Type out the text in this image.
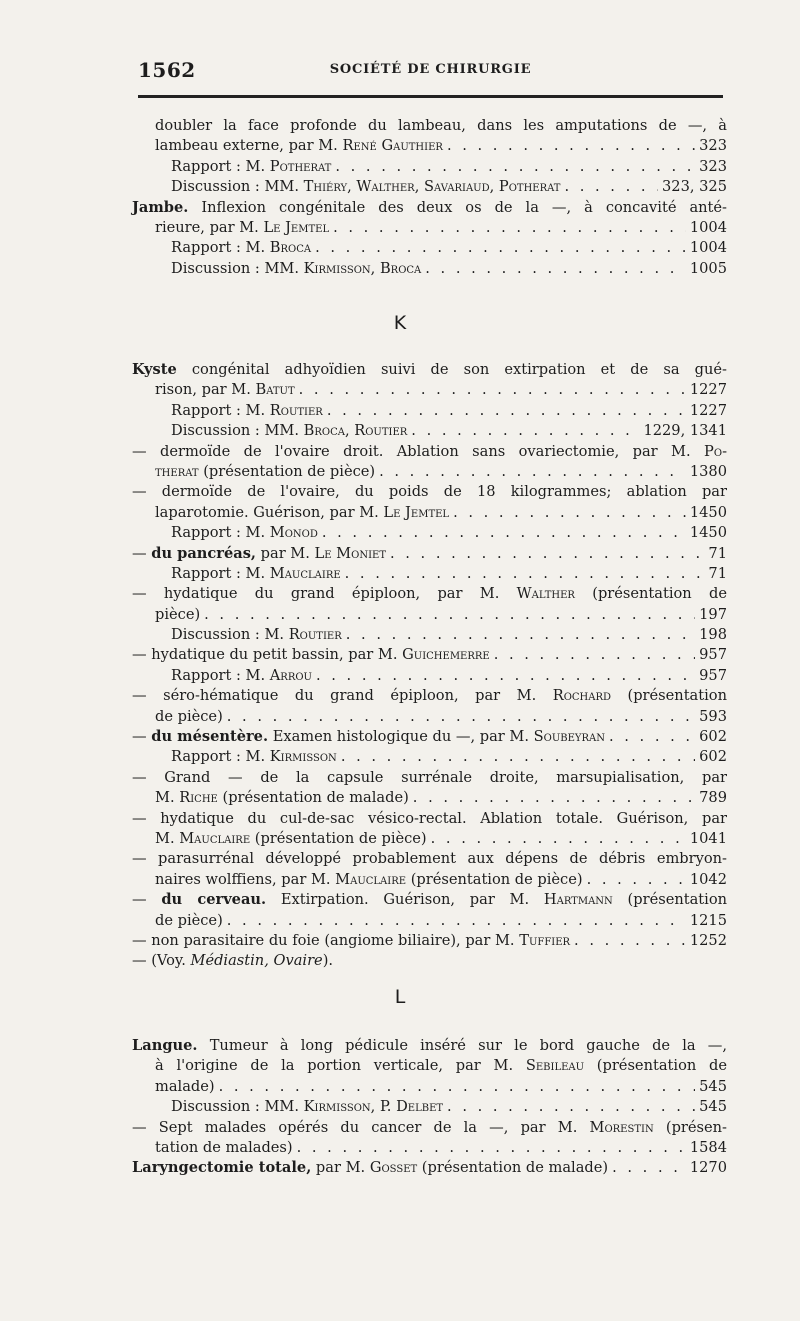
1562	SOCIÉTÉ DE CHIRURGIE
doubler la face profonde du lambeau, dans les amputations de —, à
lambeau externe, par M. René Gauthier . . .	323
Rapport : M. Potherat . . .	323
Discussion : MM. Thiéry, Walther, Savariaud, Potherat . . .	323, 325
Jambe. Inflexion congénitale des deux os de la —, à concavité anté-
rieure, par M. Le Jemtel . . .	1004
Rapport : M. Broca . . .	1004
Discussion : MM. Kirmisson, Broca . . .	1005
K
Kyste congénital adhyoïdien suivi de son extirpation et de sa gué-
rison, par M. Batut . . .	1227
Rapport : M. Routier . . .	1227
Discussion : MM. Broca, Routier . . .	1229, 1341
— dermoïde de l'ovaire droit. Ablation sans ovariectomie, par M. Po-
therat (présentation de pièce) . . .	1380
— dermoïde de l'ovaire, du poids de 18 kilogrammes; ablation par
laparotomie. Guérison, par M. Le Jemtel . . .	1450
Rapport : M. Monod . . .	1450
— du pancréas, par M. Le Moniet . . .	71
Rapport : M. Mauclaire . . .	71
— hydatique du grand épiploon, par M. Walther (présentation de
pièce) . . .	197
Discussion : M. Routier . . .	198
— hydatique du petit bassin, par M. Guichemerre . . .	957
Rapport : M. Arrou . . .	957
— séro-hématique du grand épiploon, par M. Rochard (présentation
de pièce) . . .	593
— du mésentère. Examen histologique du —, par M. Soubeyran . . .	602
Rapport : M. Kirmisson . . .	602
— Grand — de la capsule surrénale droite, marsupialisation, par
M. Riche (présentation de malade) . . .	789
— hydatique du cul-de-sac vésico-rectal. Ablation totale. Guérison, par
M. Mauclaire (présentation de pièce) . . .	1041
— parasurrénal développé probablement aux dépens de débris embryon-
naires wolffiens, par M. Mauclaire (présentation de pièce) . . .	1042
— du cerveau. Extirpation. Guérison, par M. Hartmann (présentation
de pièce) . . .	1215
— non parasitaire du foie (angiome biliaire), par M. Tuffier . . .	1252
— (Voy. Médiastin, Ovaire).
L
Langue. Tumeur à long pédicule inséré sur le bord gauche de la —,
à l'origine de la portion verticale, par M. Sebileau (présentation de
malade) . . .	545
Discussion : MM. Kirmisson, P. Delbet . . .	545
— Sept malades opérés du cancer de la —, par M. Morestin (présen-
tation de malades) . . .	1584
Laryngectomie totale, par M. Gosset (présentation de malade) . . .	1270
